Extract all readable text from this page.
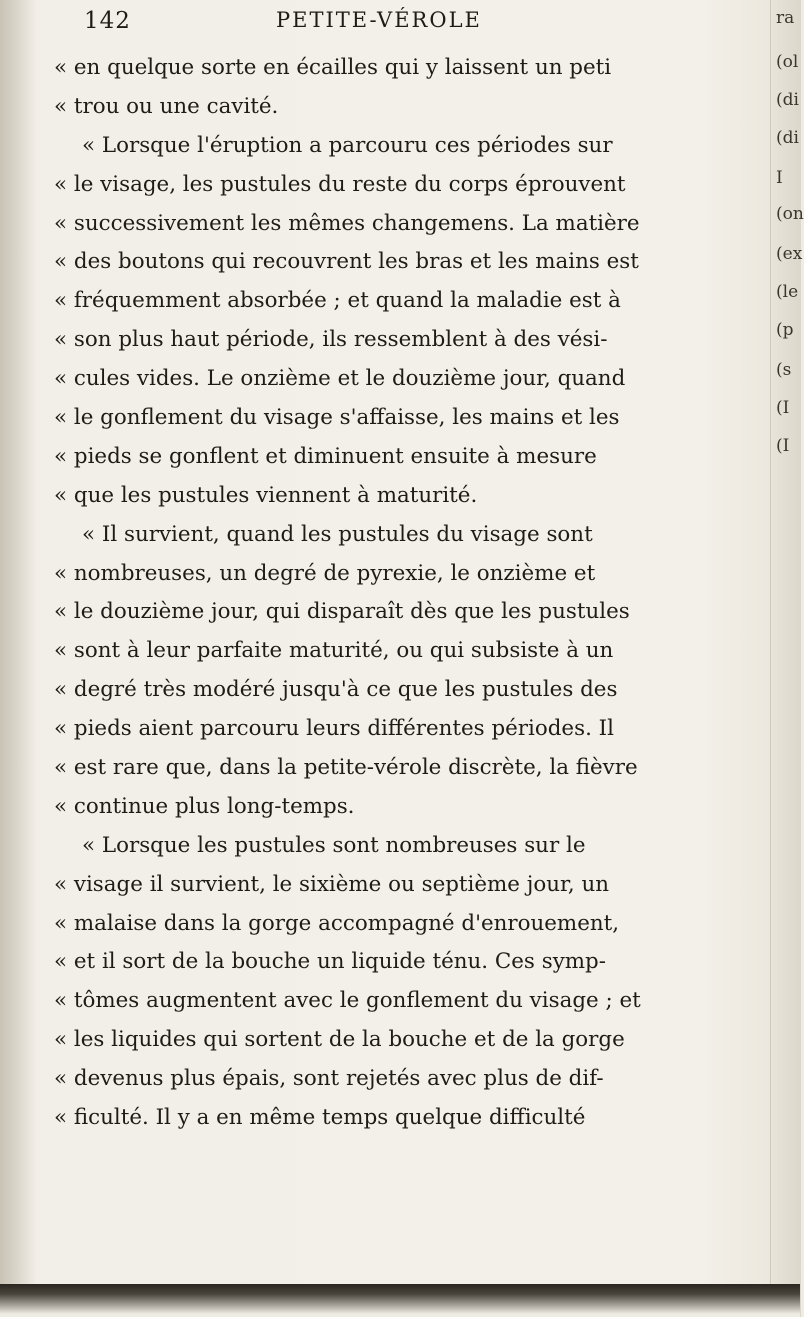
142	PETITE-VÉROLE
« en quelque sorte en écailles qui y laissent un peti
« trou ou une cavité.
« Lorsque l'éruption a parcouru ces périodes sur
« le visage, les pustules du reste du corps éprouvent
« successivement les mêmes changemens. La matière
« des boutons qui recouvrent les bras et les mains est
« fréquemment absorbée ; et quand la maladie est à
« son plus haut période, ils ressemblent à des vési-
« cules vides. Le onzième et le douzième jour, quand
« le gonflement du visage s'affaisse, les mains et les
« pieds se gonflent et diminuent ensuite à mesure
« que les pustules viennent à maturité.
« Il survient, quand les pustules du visage sont
« nombreuses, un degré de pyrexie, le onzième et
« le douzième jour, qui disparaît dès que les pustules
« sont à leur parfaite maturité, ou qui subsiste à un
« degré très modéré jusqu'à ce que les pustules des
« pieds aient parcouru leurs différentes périodes. Il
« est rare que, dans la petite-vérole discrète, la fièvre
« continue plus long-temps.
« Lorsque les pustules sont nombreuses sur le
« visage il survient, le sixième ou septième jour, un
« malaise dans la gorge accompagné d'enrouement,
« et il sort de la bouche un liquide ténu. Ces symp-
« tômes augmentent avec le gonflement du visage ; et
« les liquides qui sortent de la bouche et de la gorge
« devenus plus épais, sont rejetés avec plus de dif-
« ficulté. Il y a en même temps quelque difficulté
ra
(ol
(di
(di
I
(on
(ex
(le
(p
(s
(I
(I
